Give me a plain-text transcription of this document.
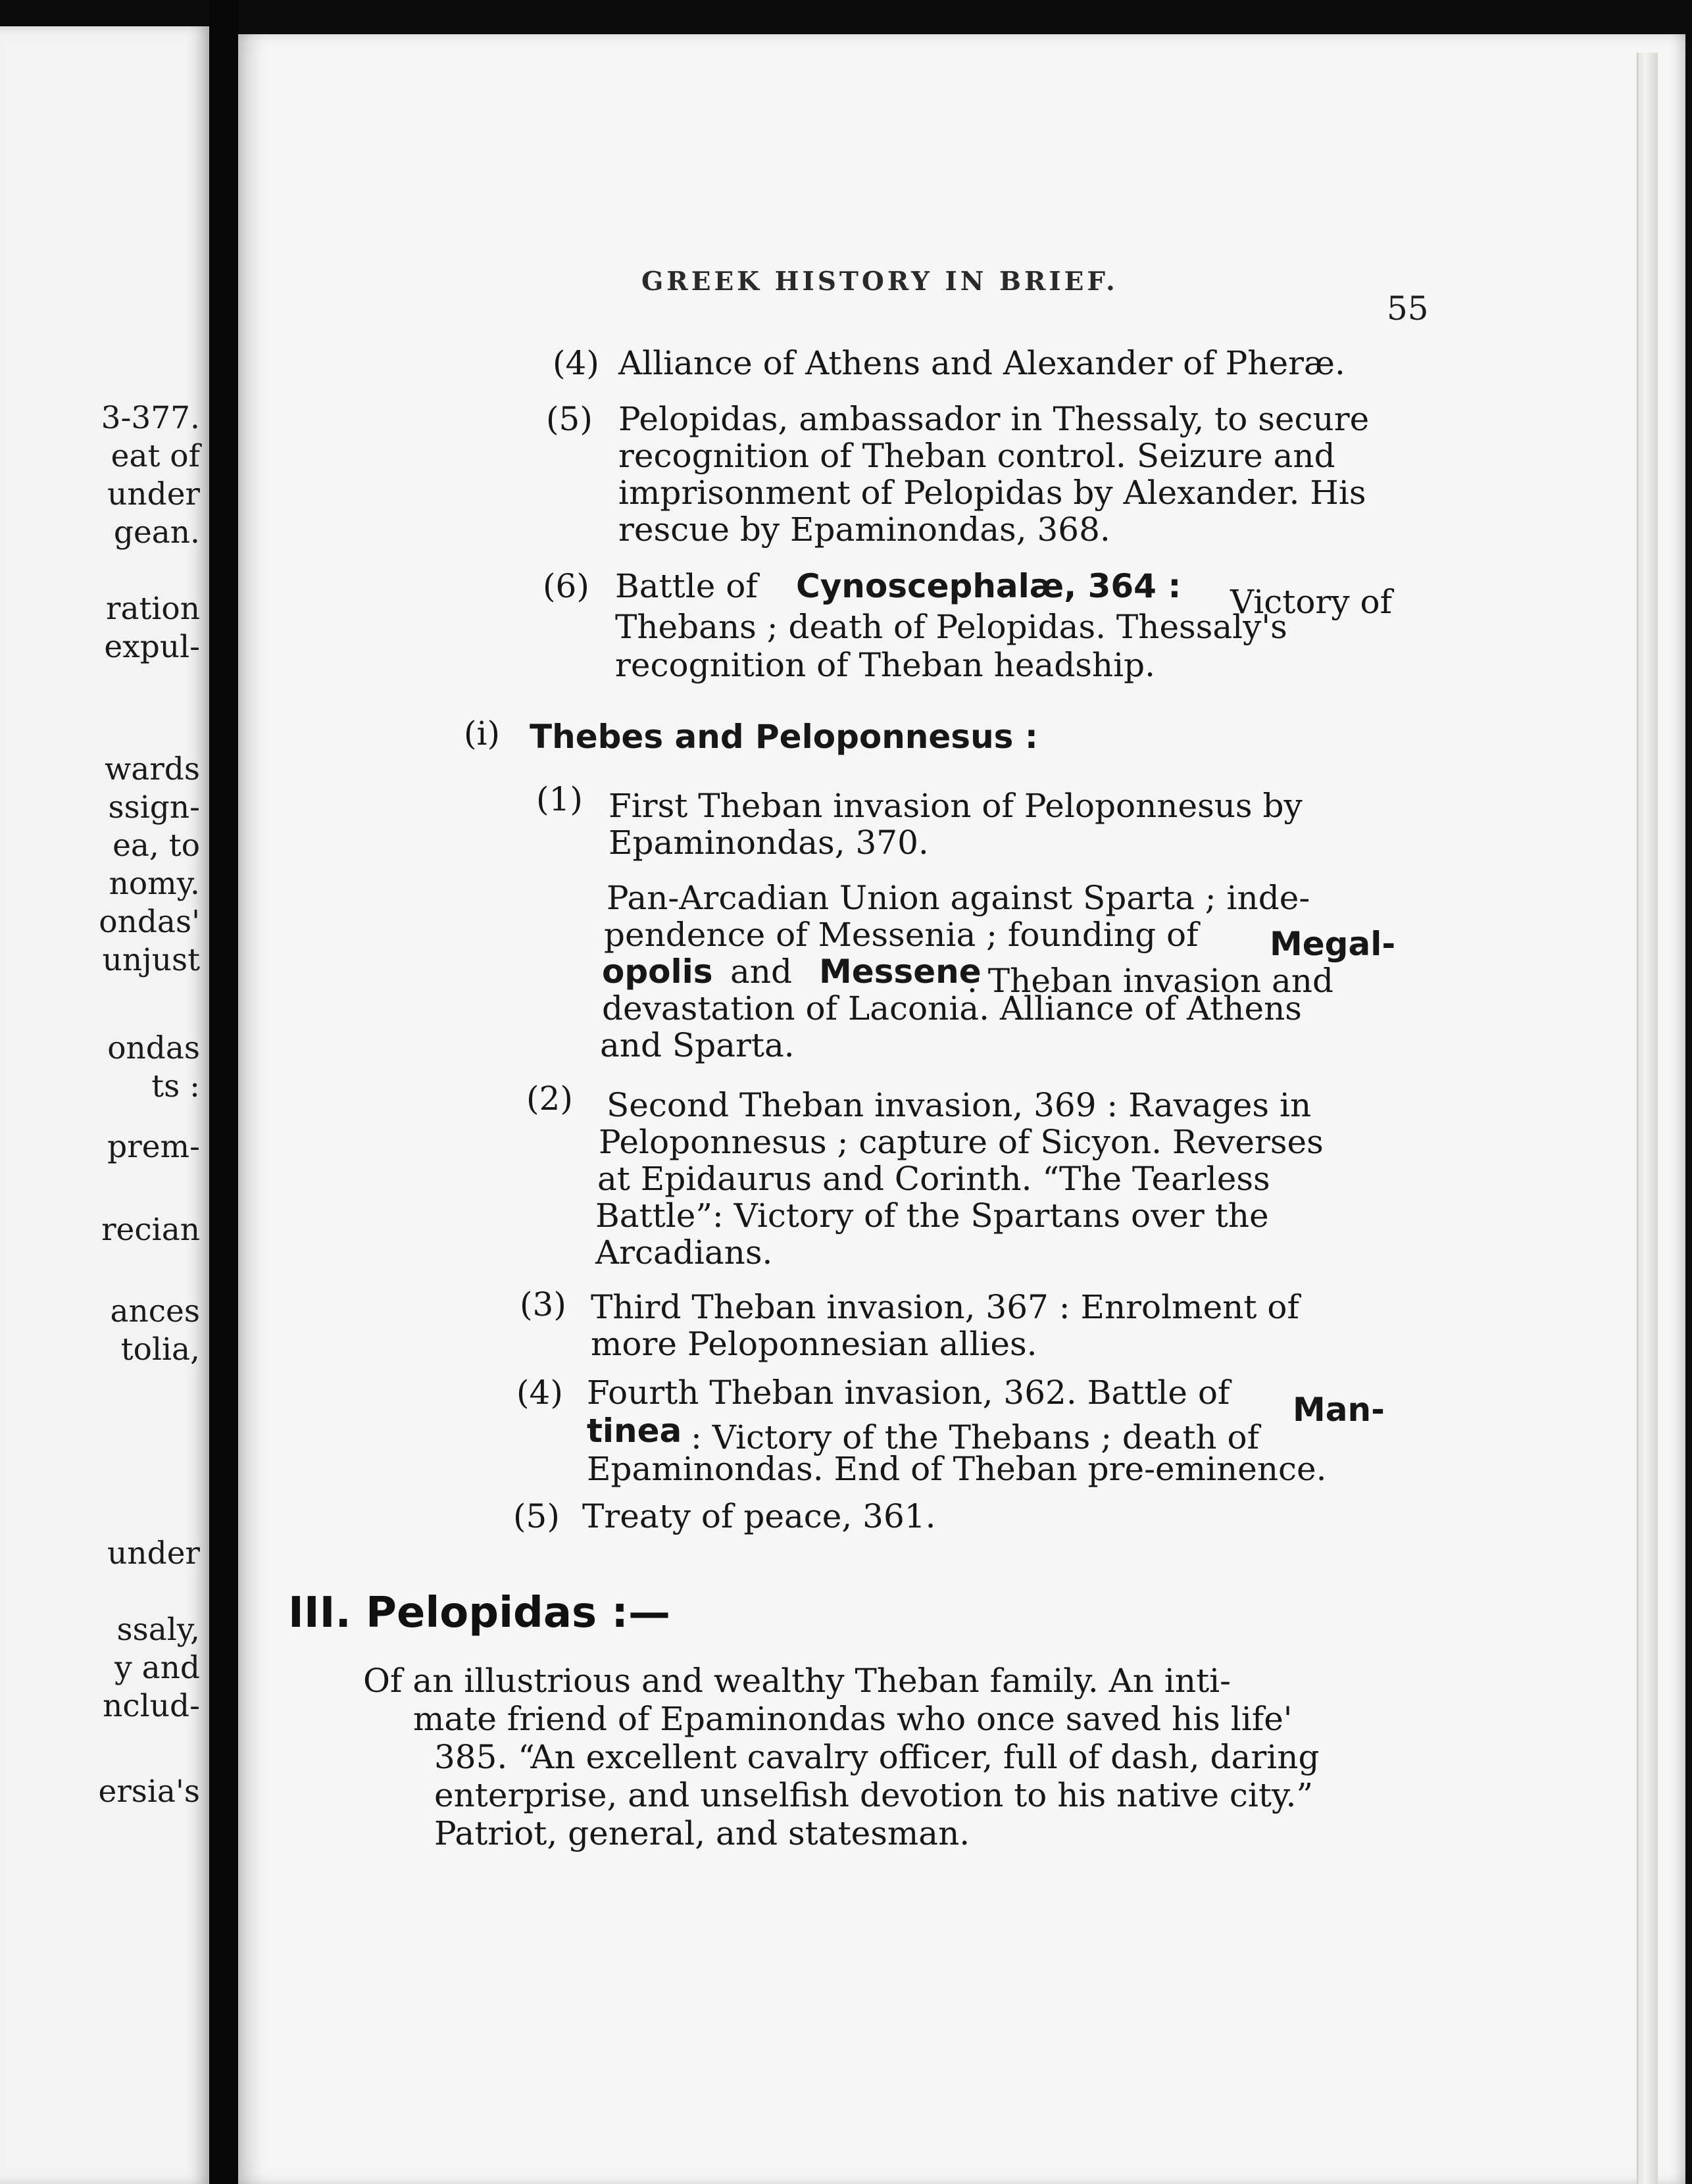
3-377.
eat of
under
gean.
ration
expul-
wards
ssign-
ea, to
nomy.
ondas'
unjust
ondas
ts :
prem-
recian
ances
tolia,
under
ssaly,
y and
nclud-
ersia's
GREEK HISTORY IN BRIEF.
55
(4) Alliance of Athens and Alexander of Pheræ.
(5) Pelopidas, ambassador in Thessaly, to secure
recognition of Theban control. Seizure and
imprisonment of Pelopidas by Alexander. His
rescue by Epaminondas, 368.
(6) Battle of Cynoscephalæ, 364 : Victory of
Thebans ; death of Pelopidas. Thessaly's
recognition of Theban headship.
(i) Thebes and Peloponnesus :
(1) First Theban invasion of Peloponnesus by
Epaminondas, 370.
Pan-Arcadian Union against Sparta ; inde-
pendence of Messenia ; founding of Megal-
opolis and Messene
. Theban invasion and
devastation of Laconia. Alliance of Athens
and Sparta.
(2) Second Theban invasion, 369 : Ravages in
Peloponnesus ; capture of Sicyon. Reverses
at Epidaurus and Corinth. “The Tearless
Battle”: Victory of the Spartans over the
Arcadians.
(3) Third Theban invasion, 367 : Enrolment of
more Peloponnesian allies.
(4) Fourth Theban invasion, 362. Battle of Man-
tinea : Victory of the Thebans ; death of
Epaminondas. End of Theban pre-eminence.
(5) Treaty of peace, 361.
III. Pelopidas :—
Of an illustrious and wealthy Theban family. An inti-
mate friend of Epaminondas who once saved his life'
385. “An excellent cavalry officer, full of dash, daring
enterprise, and unselfish devotion to his native city.”
Patriot, general, and statesman.
